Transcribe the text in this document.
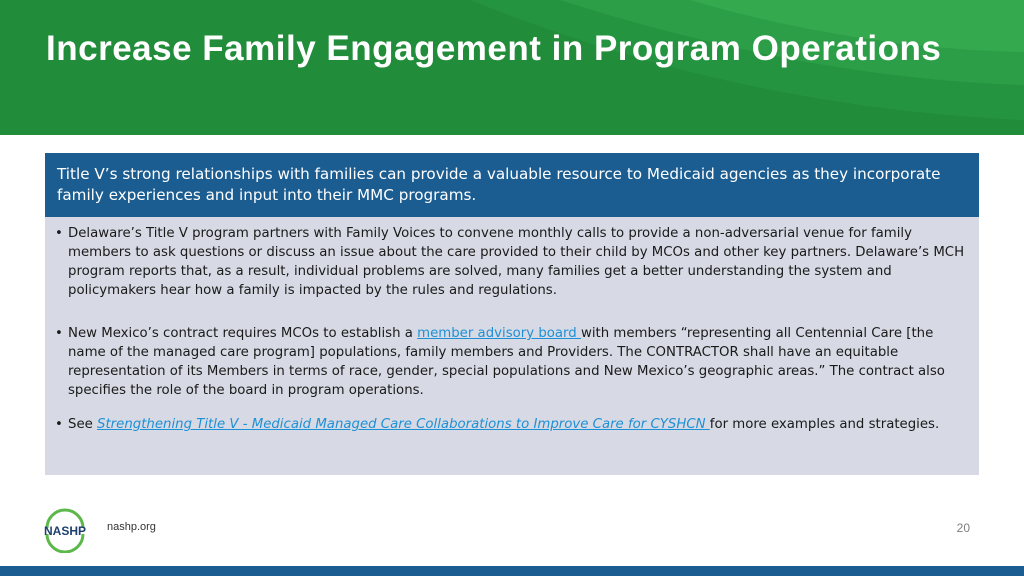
Increase Family Engagement in Program Operations
Title V’s strong relationships with families can provide a valuable resource to Medicaid agencies as they incorporate family experiences and input into their MMC programs.
• Delaware’s Title V program partners with Family Voices to convene monthly calls to provide a non-adversarial venue for family members to ask questions or discuss an issue about the care provided to their child by MCOs and other key partners. Delaware’s MCH program reports that, as a result, individual problems are solved, many families get a better understanding the system and policymakers hear how a family is impacted by the rules and regulations.
• New Mexico’s contract requires MCOs to establish a member advisory board with members “representing all Centennial Care [the name of the managed care program] populations, family members and Providers. The CONTRACTOR shall have an equitable representation of its Members in terms of race, gender, special populations and New Mexico’s geographic areas.” The contract also specifies the role of the board in program operations.
• See Strengthening Title V - Medicaid Managed Care Collaborations to Improve Care for CYSHCN for more examples and strategies.
NASHP nashp.org	20
